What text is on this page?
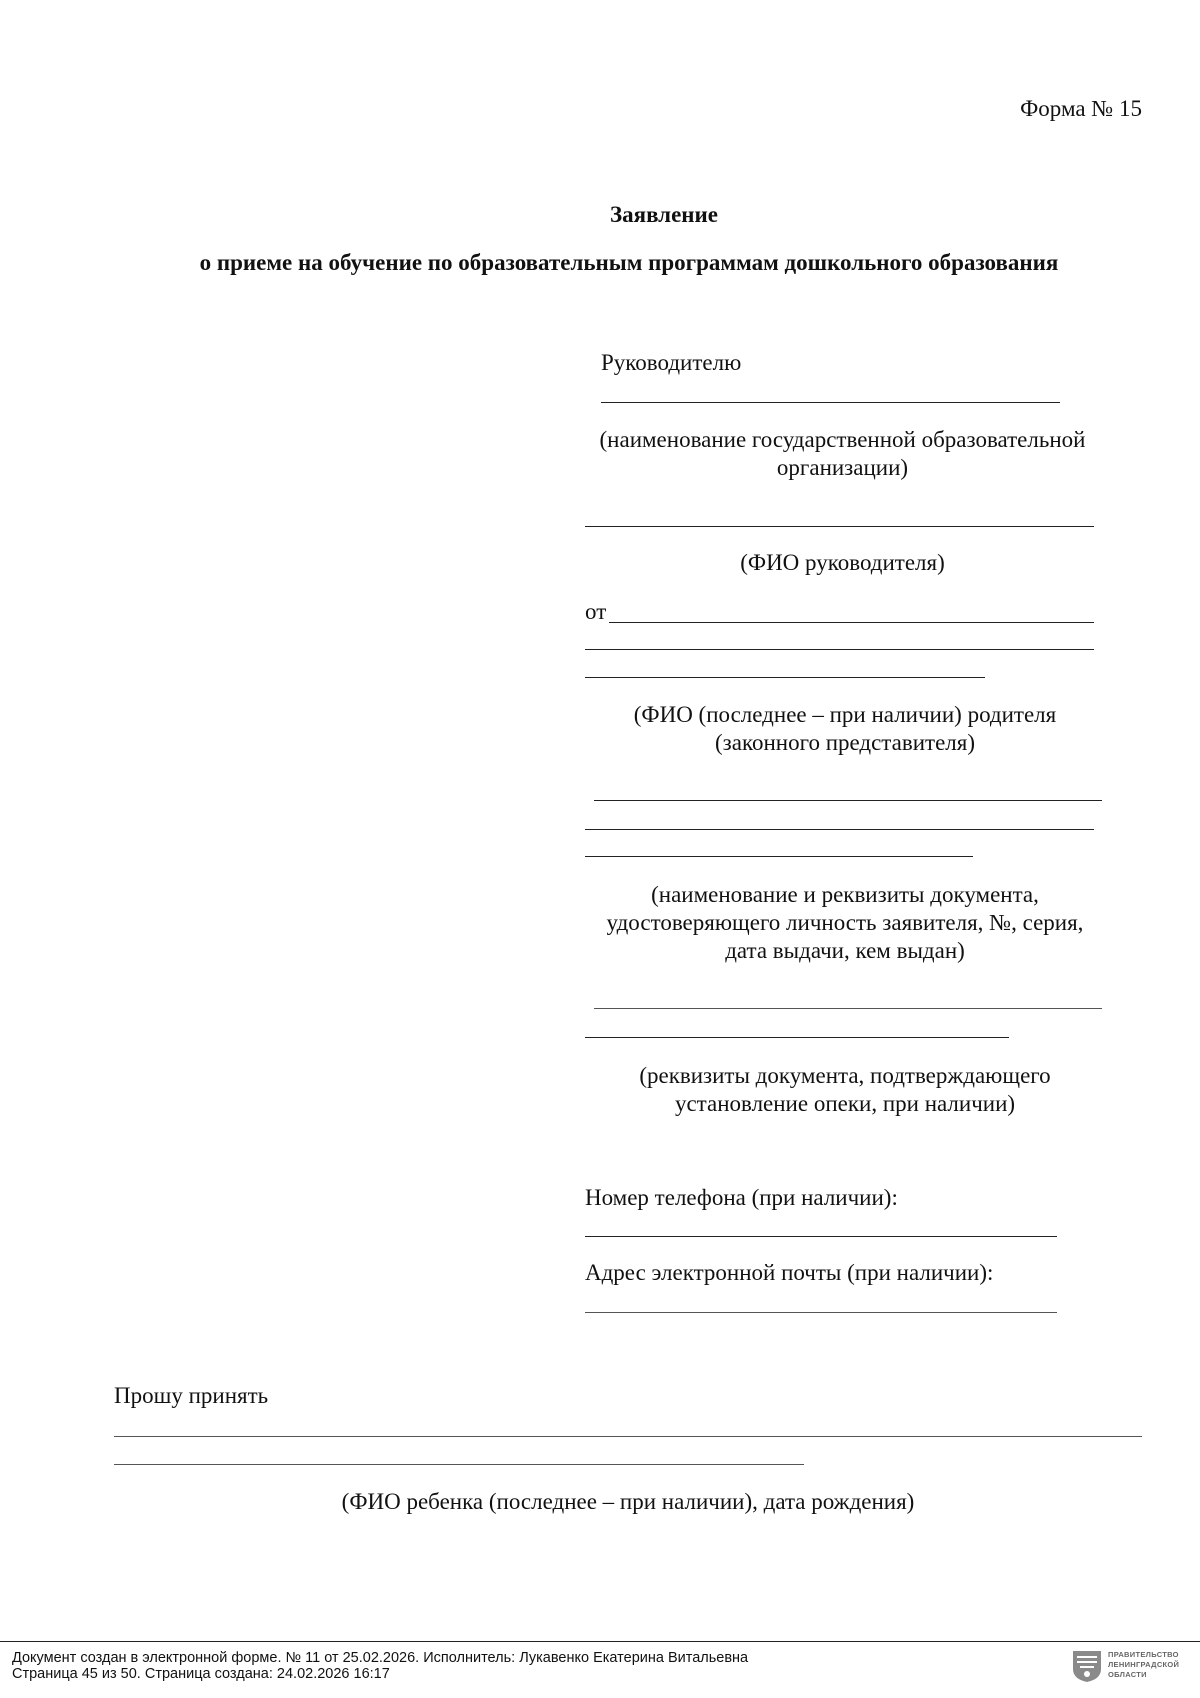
Форма № 15
Заявление
о приеме на обучение по образовательным программам дошкольного образования
Руководителю
(наименование государственной образовательной
организации)
(ФИО руководителя)
от
(ФИО (последнее – при наличии) родителя
(законного представителя)
(наименование и реквизиты документа,
удостоверяющего личность заявителя, №, серия,
дата выдачи, кем выдан)
(реквизиты документа, подтверждающего
установление опеки, при наличии)
Номер телефона (при наличии):
Адрес электронной почты (при наличии):
Прошу принять
(ФИО ребенка (последнее – при наличии), дата рождения)
Документ создан в электронной форме. № 11 от 25.02.2026. Исполнитель: Лукавенко Екатерина Витальевна
Страница 45 из 50. Страница создана: 24.02.2026 16:17
ПРАВИТЕЛЬСТВО
ЛЕНИНГРАДСКОЙ
ОБЛАСТИ
